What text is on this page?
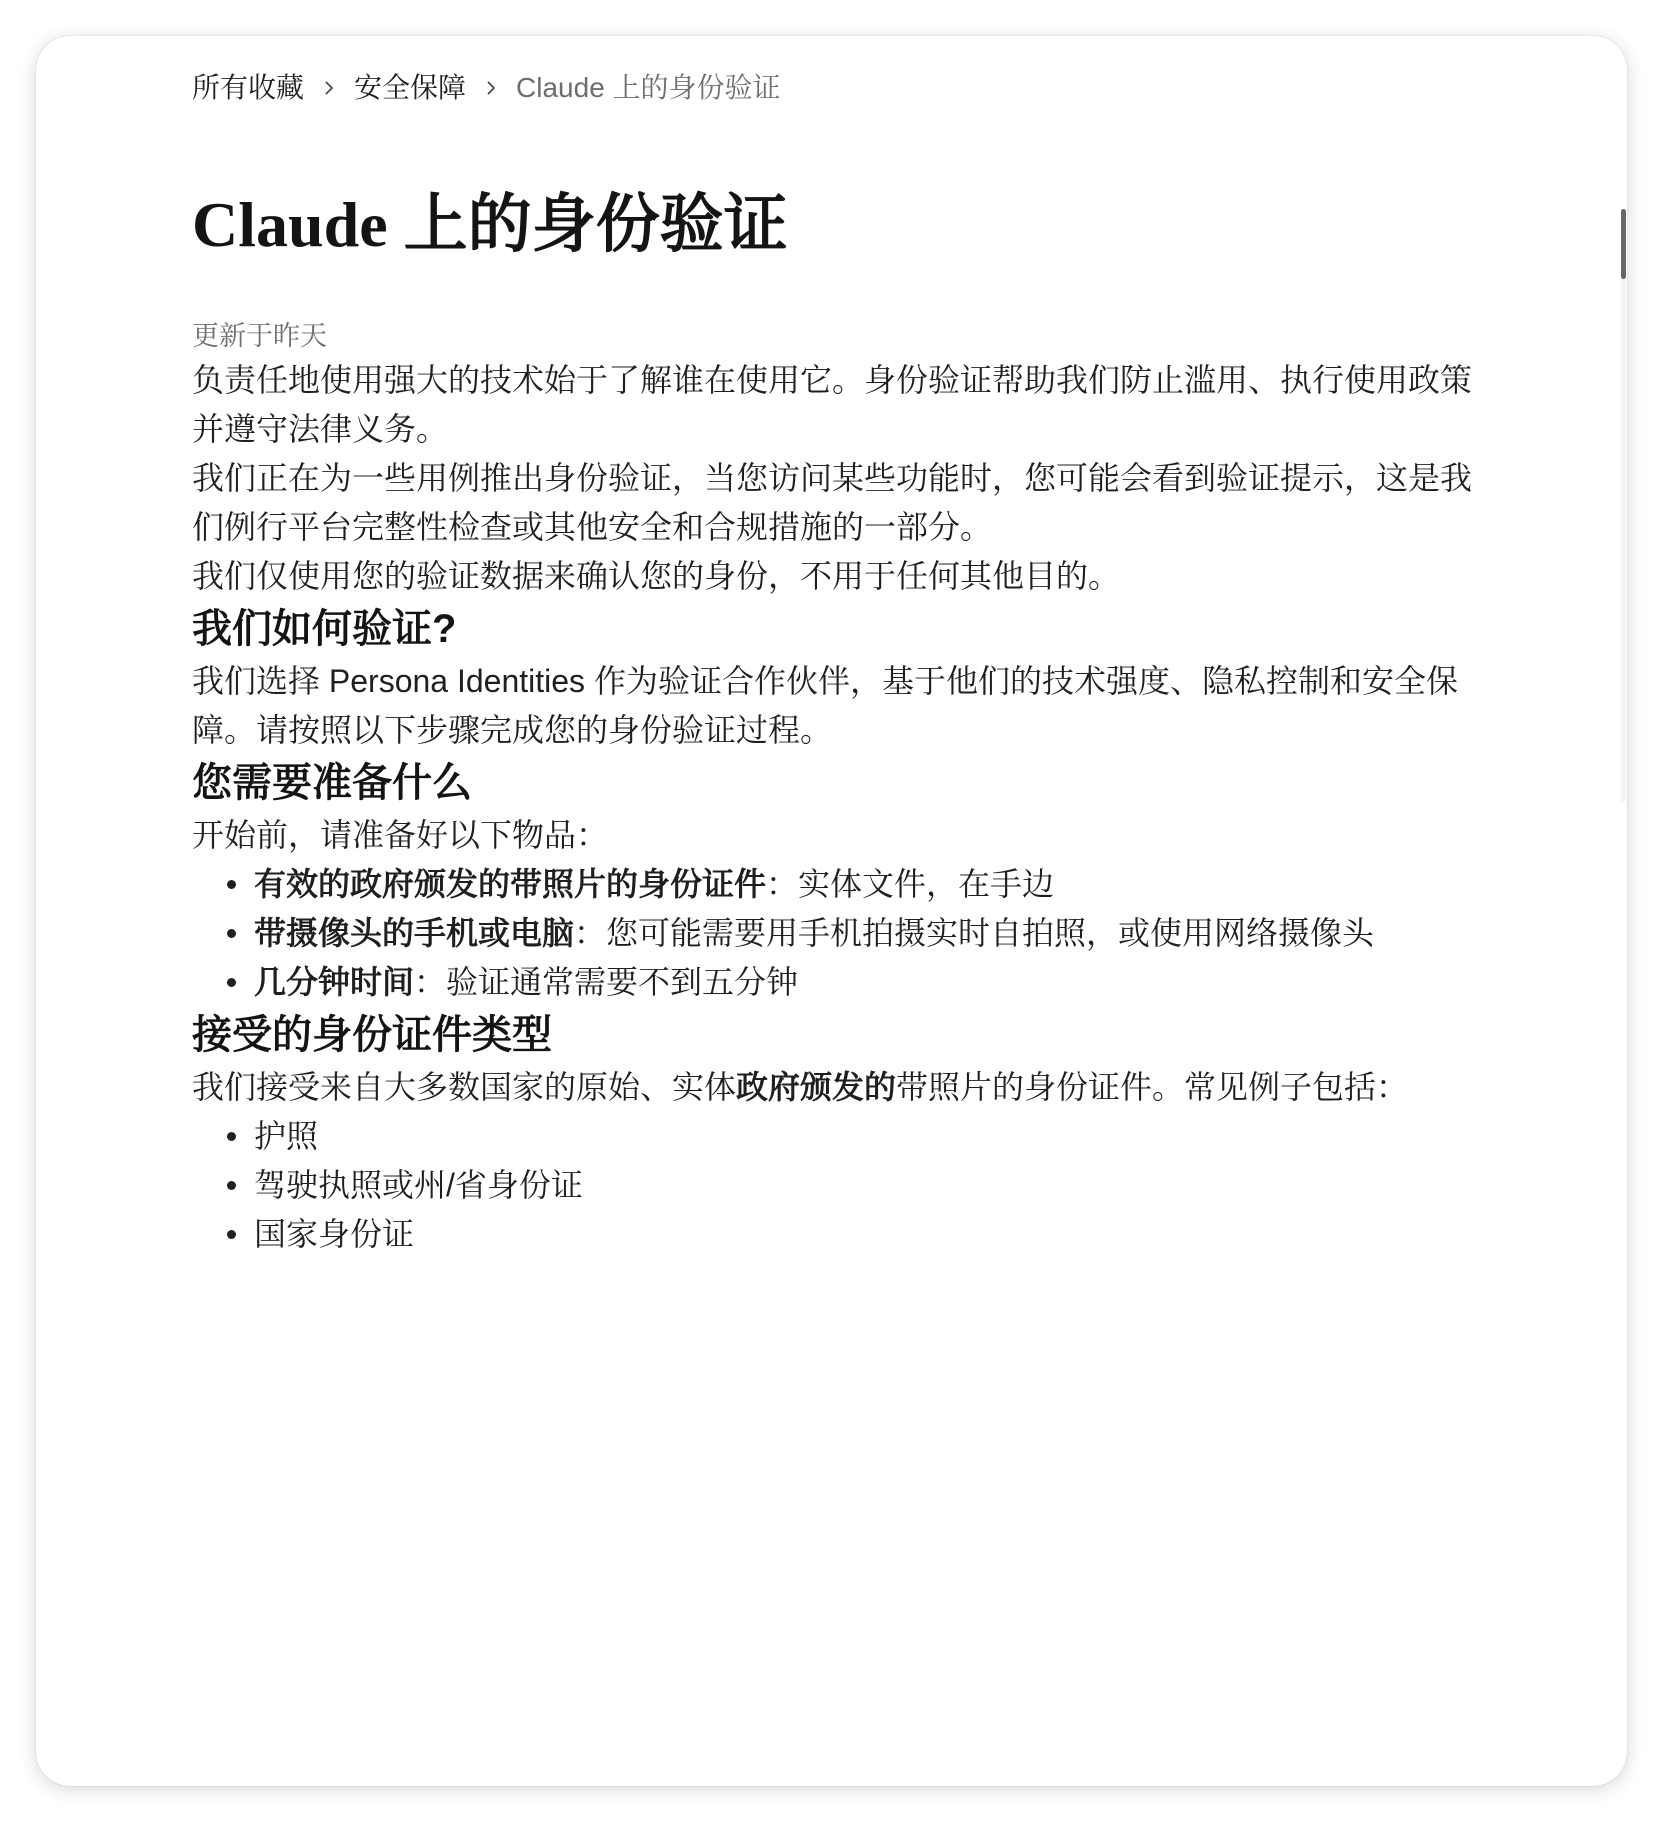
所有收藏 安全保障 Claude 上的身份验证
Claude 上的身份验证
更新于昨天

负责任地使用强大的技术始于了解谁在使用它。身份验证帮助我们防止滥用、执行使用政策并遵守法律义务。

我们正在为一些用例推出身份验证，当您访问某些功能时，您可能会看到验证提示，这是我们例行平台完整性检查或其他安全和合规措施的一部分。

我们仅使用您的验证数据来确认您的身份，不用于任何其他目的。

我们如何验证?

我们选择 Persona Identities 作为验证合作伙伴，基于他们的技术强度、隐私控制和安全保障。请按照以下步骤完成您的身份验证过程。

您需要准备什么

开始前，请准备好以下物品：

有效的政府颁发的带照片的身份证件：实体文件，在手边
带摄像头的手机或电脑：您可能需要用手机拍摄实时自拍照，或使用网络摄像头
几分钟时间：验证通常需要不到五分钟
接受的身份证件类型

我们接受来自大多数国家的原始、实体政府颁发的带照片的身份证件。常见例子包括：

护照
驾驶执照或州/省身份证
国家身份证
